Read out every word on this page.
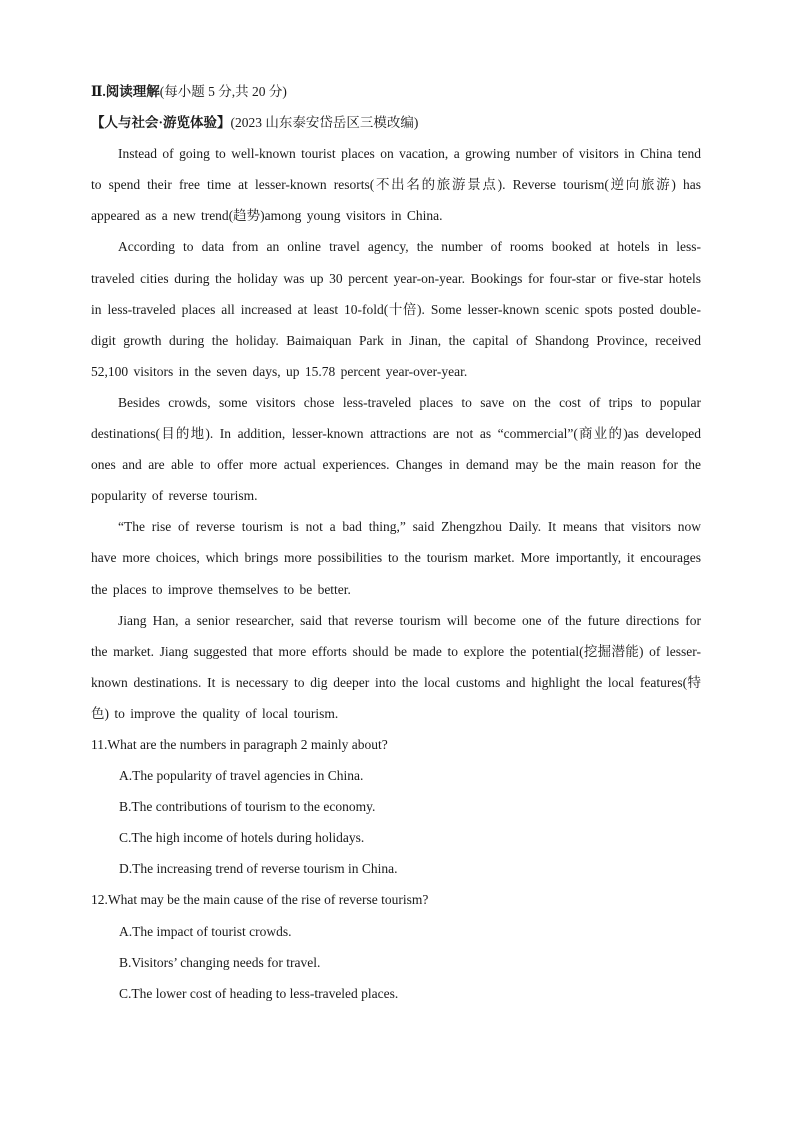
Ⅱ.阅读理解(每小题 5 分,共 20 分)
【人与社会·游览体验】(2023 山东泰安岱岳区三模改编)

Instead of going to well-known tourist places on vacation, a growing number of visitors in China tend to spend their free time at lesser-known resorts(不出名的旅游景点). Reverse tourism(逆向旅游) has appeared as a new trend(趋势)among young visitors in China.

According to data from an online travel agency, the number of rooms booked at hotels in less-traveled cities during the holiday was up 30 percent year-on-year. Bookings for four-star or five-star hotels in less-traveled places all increased at least 10-fold(十倍). Some lesser-known scenic spots posted double-digit growth during the holiday. Baimaiquan Park in Jinan, the capital of Shandong Province, received 52,100 visitors in the seven days, up 15.78 percent year-over-year.

Besides crowds, some visitors chose less-traveled places to save on the cost of trips to popular destinations(目的地). In addition, lesser-known attractions are not as “commercial”(商业的)as developed ones and are able to offer more actual experiences. Changes in demand may be the main reason for the popularity of reverse tourism.

“The rise of reverse tourism is not a bad thing,” said Zhengzhou Daily. It means that visitors now have more choices, which brings more possibilities to the tourism market. More importantly, it encourages the places to improve themselves to be better.

Jiang Han, a senior researcher, said that reverse tourism will become one of the future directions for the market. Jiang suggested that more efforts should be made to explore the potential(挖掘潜能) of lesser-known destinations. It is necessary to dig deeper into the local customs and highlight the local features(特色) to improve the quality of local tourism.

11.What are the numbers in paragraph 2 mainly about?

A.The popularity of travel agencies in China.

B.The contributions of tourism to the economy.

C.The high income of hotels during holidays.

D.The increasing trend of reverse tourism in China.

12.What may be the main cause of the rise of reverse tourism?

A.The impact of tourist crowds.

B.Visitors’ changing needs for travel.

C.The lower cost of heading to less-traveled places.
